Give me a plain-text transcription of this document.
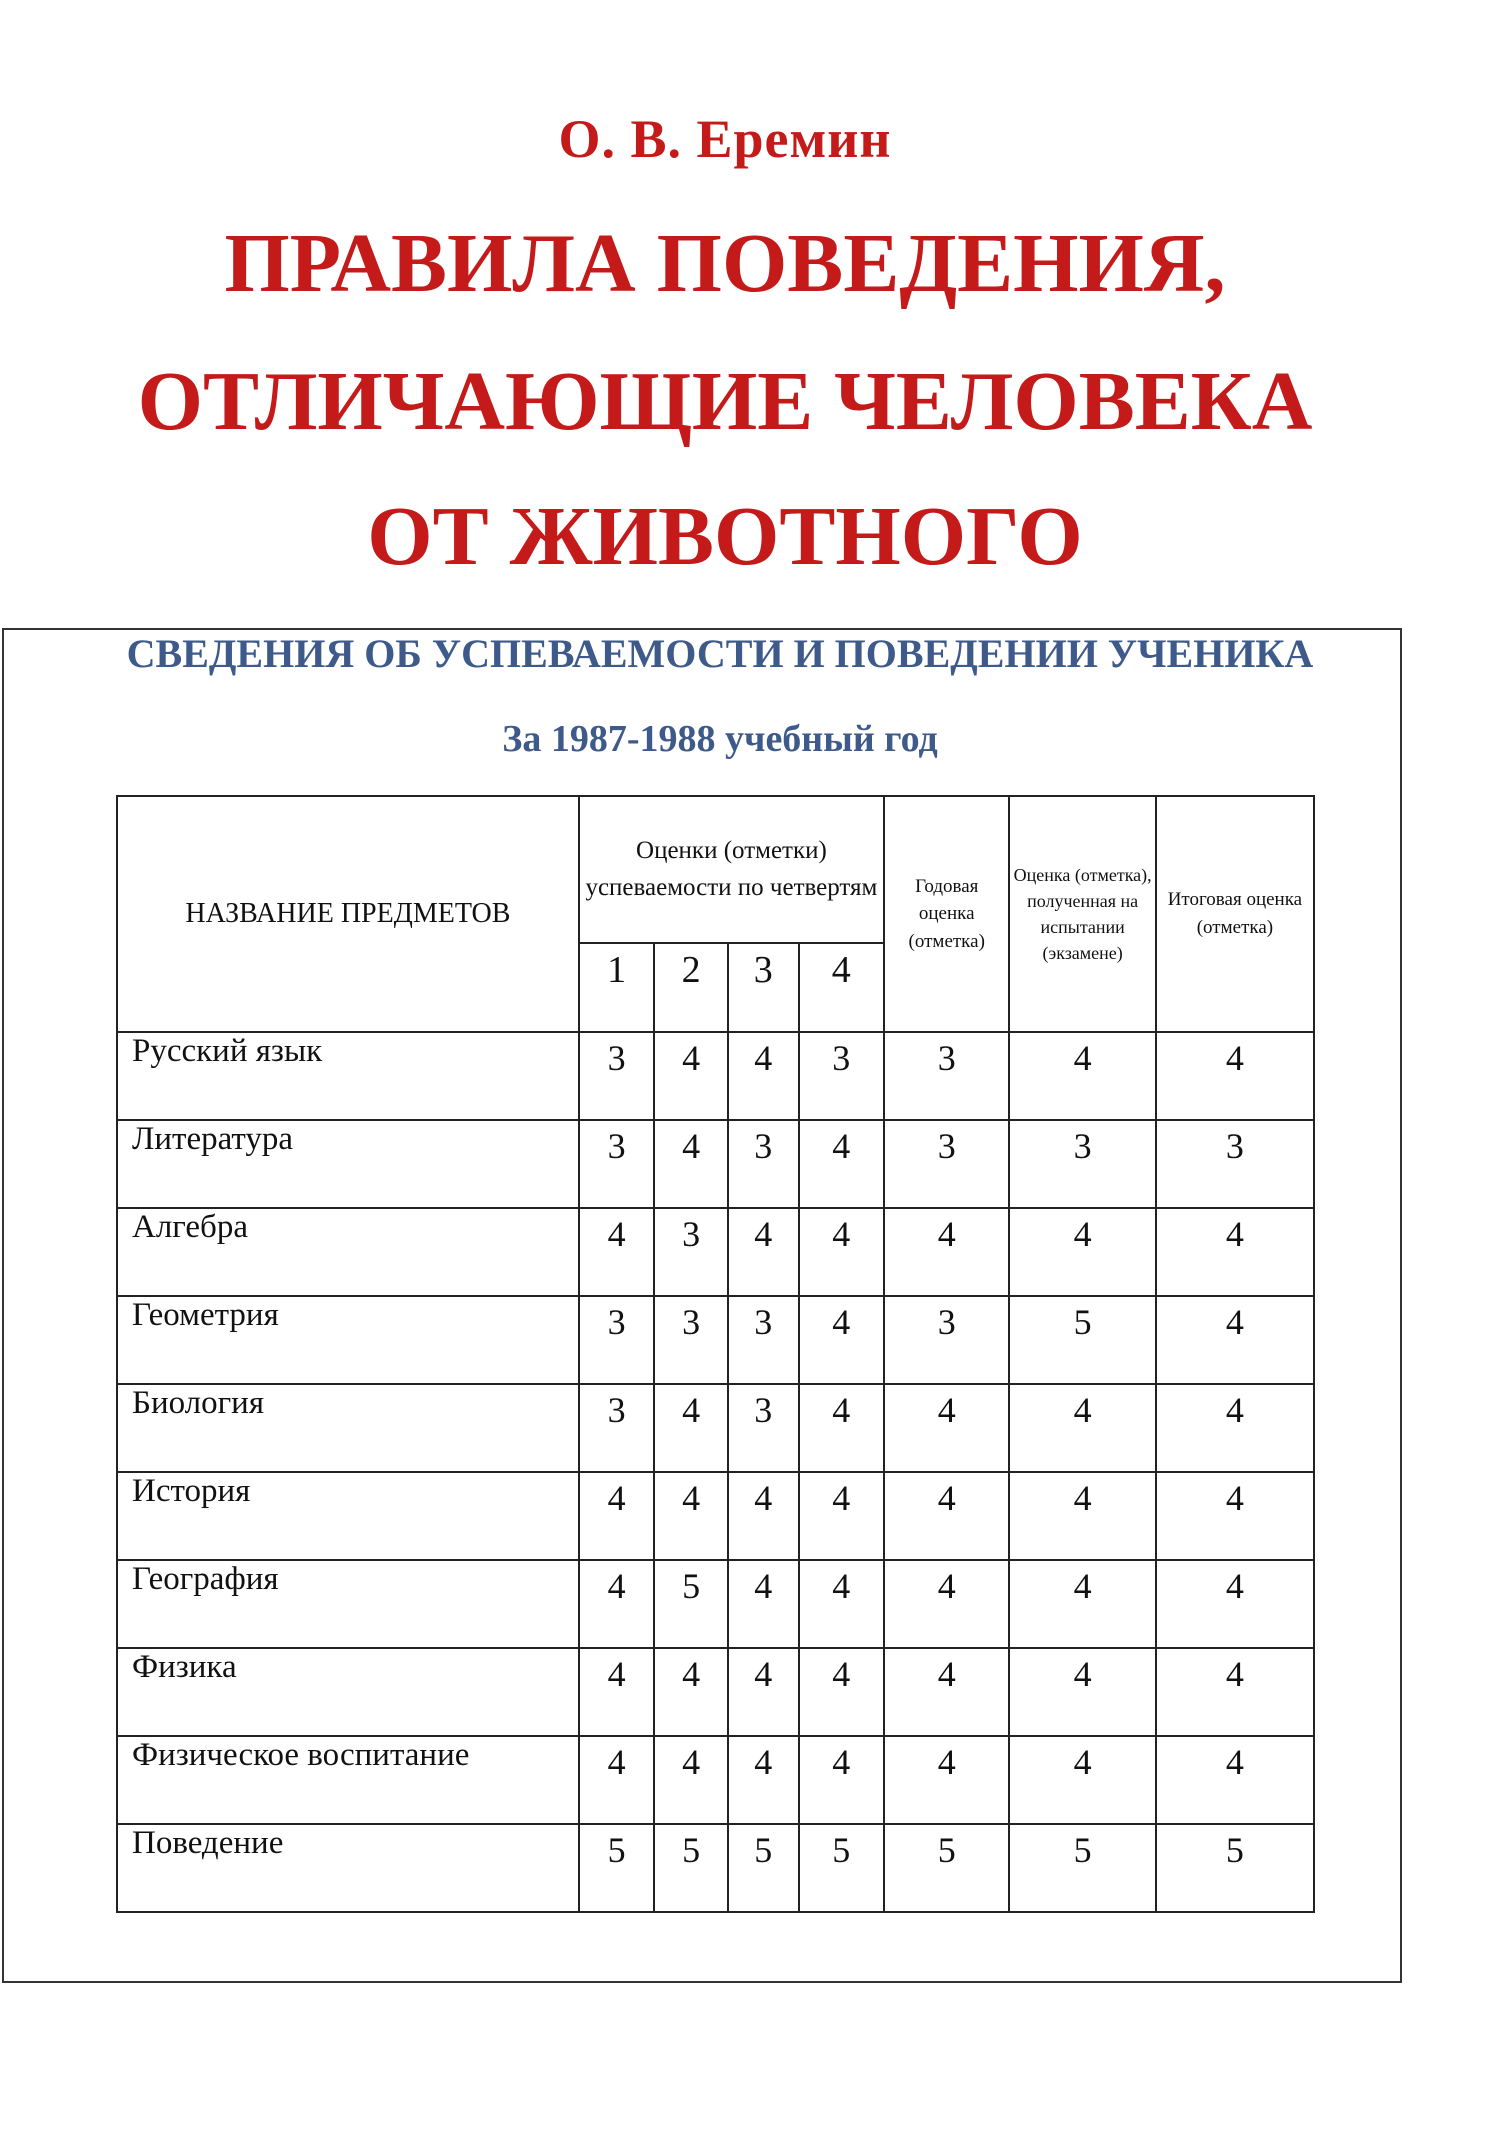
О. В. Еремин

ПРАВИЛА ПОВЕДЕНИЯ,

ОТЛИЧАЮЩИЕ ЧЕЛОВЕКА

ОТ ЖИВОТНОГО

СВЕДЕНИЯ ОБ УСПЕВАЕМОСТИ И ПОВЕДЕНИИ УЧЕНИКА

За 1987-1988 учебный год

НАЗВАНИЕ ПРЕДМЕТОВ	Оценки (отметки) успеваемости по четвертям				Годовая оценка (отметка)	Оценка (отметка), полученная на испытании (экзамене)	Итоговая оценка (отметка)
	1	2	3	4			
Русский язык	3	4	4	3	3	4	4
Литература	3	4	3	4	3	3	3
Алгебра	4	3	4	4	4	4	4
Геометрия	3	3	3	4	3	5	4
Биология	3	4	3	4	4	4	4
История	4	4	4	4	4	4	4
География	4	5	4	4	4	4	4
Физика	4	4	4	4	4	4	4
Физическое воспитание	4	4	4	4	4	4	4
Поведение	5	5	5	5	5	5	5
